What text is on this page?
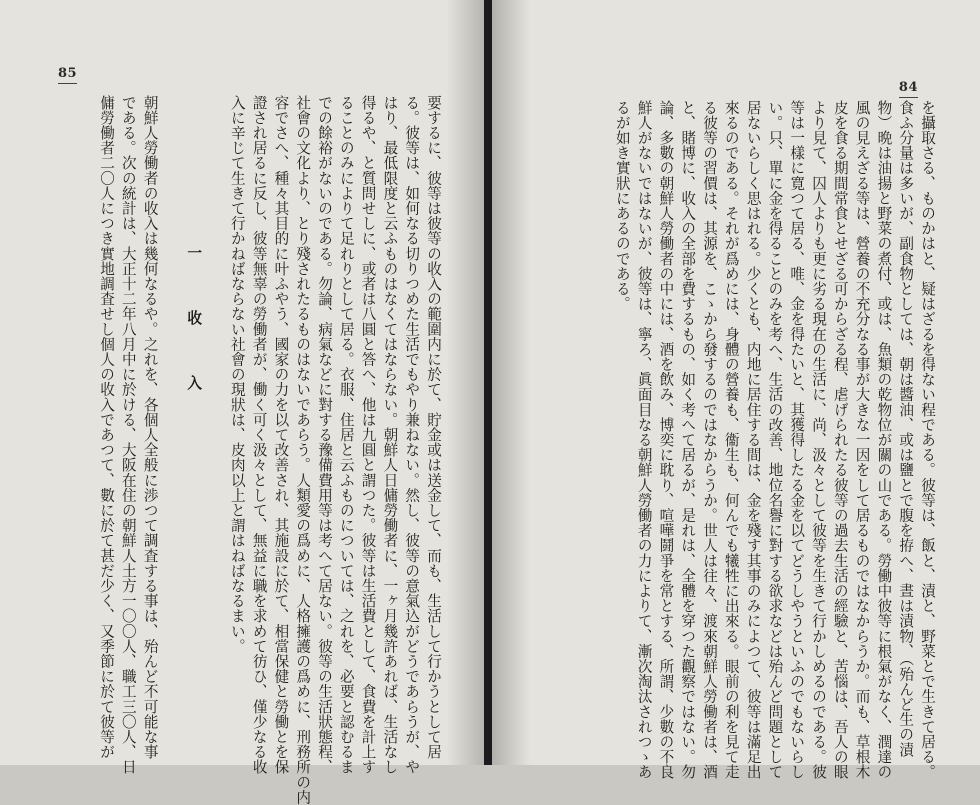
85
要するに、彼等は彼等の收入の範圍内に於て、貯金或は送金して、而も、生活して行かうとして居
る。彼等は、如何なる切りつめた生活でもやり兼ねない。然し、彼等の意氣込がどうであらうが、や
はり、最低限度と云ふものはなくてはならない。朝鮮人日傭勞働者に、一ヶ月幾許あれば、生活なし
得るや、と質問せしに、或者は八圓と答へ、他は九圓と謂つた。彼等は生活費として、食費を計上す
ることのみによりて足れりとして居る。衣服、住居と云ふものについては、之れを、必要と認むるま
での餘裕がないのである。勿論、病氣などに對する豫備費用等は考へて居ない。彼等の生活狀態程、
社會の文化より、とり殘されたるものはないであらう。人類愛の爲めに、人格擁護の爲めに、刑務所の内
容でさへ、種々其目的に叶ふやう、國家の力を以て改善され、其施設に於て、相當保健と勞働とを保
證され居るに反し、彼等無辜の勞働者が、働く可く汲々として、無益に職を求めて彷ひ、僅少なる收
入に辛じて生きて行かねばならない社會の現狀は、皮肉以上と謂はねばなるまい。
一　收　入
朝鮮人勞働者の收入は幾何なるや。之れを、各個人全般に渉つて調査する事は、殆んど不可能な事
である。次の統計は、大正十二年八月中に於ける、大阪在住の朝鮮人土方一〇〇人、職工三〇人、日
傭勞働者二〇人につき實地調査せし個人の收入であつて、數に於て甚だ少く、又季節に於て彼等が
84
を攝取さる、ものかはと、疑はざるを得ない程である。彼等は、飯と、漬と、野菜とで生きて居る。
食ふ分量は多いが、副食物としては、朝は醬油、或は鹽とで腹を拵へ、晝は漬物、（殆んど生の漬
物）晩は油揚と野菜の煮付、或は、魚類の乾物位が關の山である。勞働中彼等に根氣がなく、潤達の
風の見えざる等は、營養の不充分なる事が大きな一因をして居るものではなからうか。而も、草根木
皮を食る期間常食とせざる可からざる程、虐げられたる彼等の過去生活の經驗と、苦惱は、吾人の眼
より見て、囚人よりも更に劣る現在の生活に、尚、汲々として彼等を生きて行かしめるのである。彼
等は一樣に寛つて居る、唯、金を得たいと、其獲得したる金を以てどうしやうといふのでもないらし
い。只、單に金を得ることのみを考へ、生活の改善、地位名譽に對する欲求などは殆んど問題として
居ないらしく思はれる。少くとも、内地に居住する間は、金を殘す其事のみによつて、彼等は滿足出
來るのである。それが爲めには、身體の營養も、衞生も、何んでも犧牲に出來る。眼前の利を見て走
る彼等の習價は、其源を、こゝから發するのではなからうか。世人は往々、渡來朝鮮人勞働者は、酒
と、賭博に、收入の全部を費するもの、如く考へて居るが、是れは、全體を穿つた觀察ではない。勿
論、多數の朝鮮人勞働者の中には、酒を飲み、博奕に耽り、喧嘩鬪爭を常とする、所謂、少數の不良
鮮人がないではないが、彼等は、寧ろ、眞面目なる朝鮮人勞働者の力によりて、漸次淘汰されつゝあ
るが如き實狀にあるのである。
